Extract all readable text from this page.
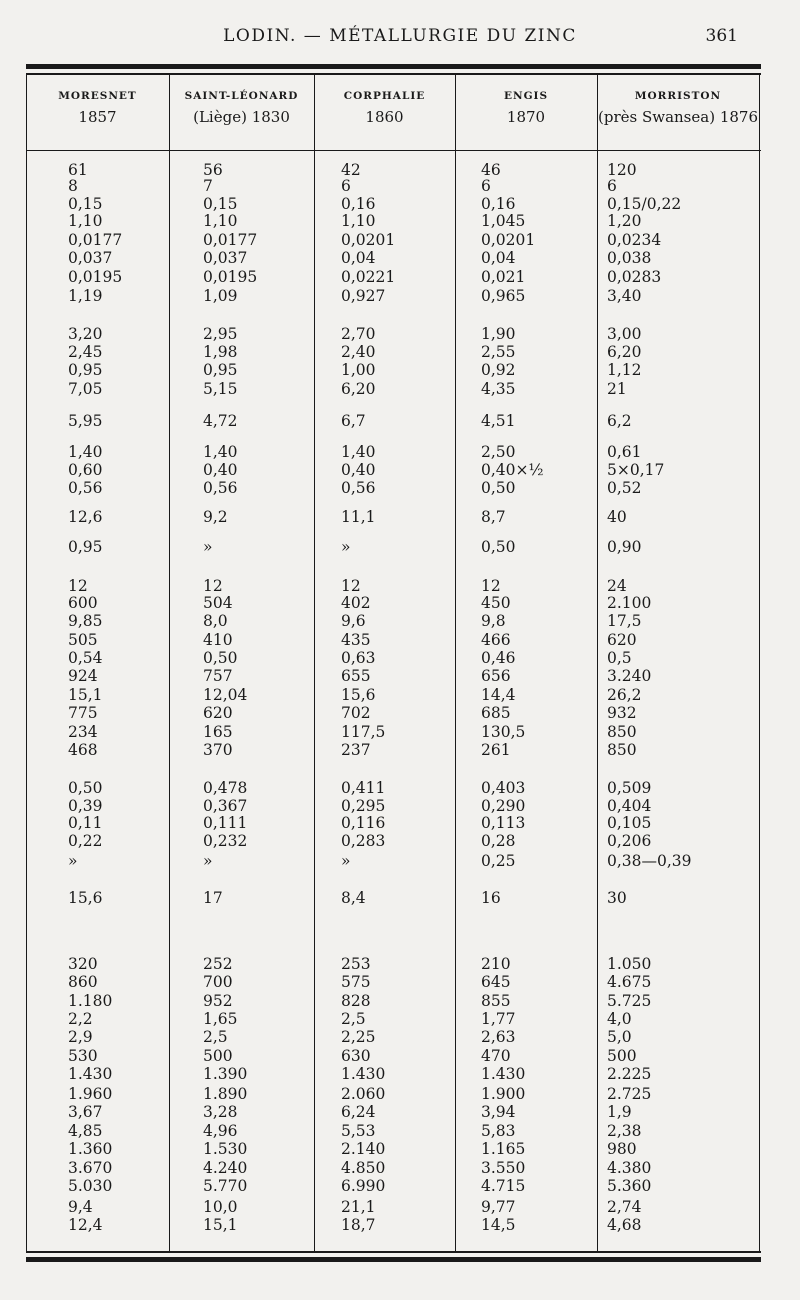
LODIN. — MÉTALLURGIE DU ZINC	361
MORESNET
1857
61
8
0,15
1,10
0,0177
0,037
0,0195
1,19
3,20
2,45
0,95
7,05
5,95
1,40
0,60
0,56
12,6
0,95
12
600
9,85
505
0,54
924
15,1
775
234
468
0,50
0,39
0,11
0,22
»
15,6
320
860
1.180
2,2
2,9
530
1.430
1.960
3,67
4,85
1.360
3.670
5.030
9,4
12,4
SAINT-LÉONARD
(Liège) 1830
56
7
0,15
1,10
0,0177
0,037
0,0195
1,09
2,95
1,98
0,95
5,15
4,72
1,40
0,40
0,56
9,2
»
12
504
8,0
410
0,50
757
12,04
620
165
370
0,478
0,367
0,111
0,232
»
17
252
700
952
1,65
2,5
500
1.390
1.890
3,28
4,96
1.530
4.240
5.770
10,0
15,1
CORPHALIE
1860
42
6
0,16
1,10
0,0201
0,04
0,0221
0,927
2,70
2,40
1,00
6,20
6,7
1,40
0,40
0,56
11,1
»
12
402
9,6
435
0,63
655
15,6
702
117,5
237
0,411
0,295
0,116
0,283
»
8,4
253
575
828
2,5
2,25
630
1.430
2.060
6,24
5,53
2.140
4.850
6.990
21,1
18,7
ENGIS
1870
46
6
0,16
1,045
0,0201
0,04
0,021
0,965
1,90
2,55
0,92
4,35
4,51
2,50
0,40×½
0,50
8,7
0,50
12
450
9,8
466
0,46
656
14,4
685
130,5
261
0,403
0,290
0,113
0,28
0,25
16
210
645
855
1,77
2,63
470
1.430
1.900
3,94
5,83
1.165
3.550
4.715
9,77
14,5
MORRISTON
(près Swansea) 1876
120
6
0,15/0,22
1,20
0,0234
0,038
0,0283
3,40
3,00
6,20
1,12
21
6,2
0,61
5×0,17
0,52
40
0,90
24
2.100
17,5
620
0,5
3.240
26,2
932
850
850
0,509
0,404
0,105
0,206
0,38—0,39
30
1.050
4.675
5.725
4,0
5,0
500
2.225
2.725
1,9
2,38
980
4.380
5.360
2,74
4,68
